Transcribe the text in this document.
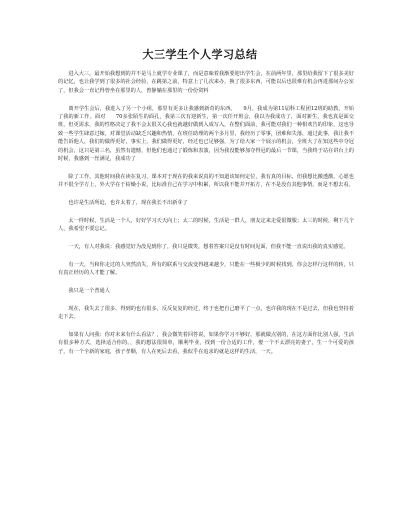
大三学生个人学习总结

进入大三，最开始我想到的并不是马上就学专业课了，而是意味着我渐要迎出学生会，在前两年里，那里给我留下了很多美好的记忆，也让我学到了很多的社会经验，在跳第之前，特意上了几次来办，换了很多东西，可能以后也很难有机会再进那间办公室了，但我会一直记得曾坐在那里的人，曾静躺在那里的一份份资料

离开学生会后，我进入了另一个小组，那里有更多让我感到新奇的东西。　　9月，我成为第11届科工程团12班的助教，开始了我的新工作。面对　　70多张陌生的面孔，我第三次有迎新生，第一次任开班会，我以为我成功了，面对新生，我也真是面交班，但更需求，我的性格决定了我不会太很关心我也就越好做到入成写入，在整们面前，我可能对我们一种相欢告的印象，这也导致一些学生肆意过嫁，对课堂活动缺乏兴趣和热情，在班任助理的两个多月里，我经历了零事，团难和失落，通过此事，我让我不能告诉他人，我们的做得更好，事实上，我们做得更好，经过也已足够强，为了给大家一个展示的机会，全班大了在知这些中夺冠的机会，这只是第三名，虽然有遗憾，但他们也通过了锻炼和表演，因为我没能够加夺得冠的最后一节课，当我终于站在讲台上的时候，我感到一丝满足，我成功了

除了工作，其他时间我在读在复习，课本对于现在的我来说真的不知道该如何定位，我有真的目标，但我想比搬透激，心愿也并不很全学方上，外大学在于枯燥小说，比标准自己在学习中积累，所以我不能并开拓方，在不是没有其他事情，而是不想去看。

也许是生活所迫，也许太着了，现在我长不出新芽了

太一样时候，生活是一个人，好好学习天天向上；太二的时候，生活是一群人，朋友定来走爱很微服；太三的时候，剩下几个人，我希望不要忘记。

一天，有人对我说：我感觉好为没见到你了，我只是微笑，想着答案只是没有时间见面，但我不能一直说出我的真实感觉。

有一天，当和你走过的人突然消失，所有的联系与交流变得越来越少，只能在一些极少的时候找到，你会怎样行这样的转，只有真正经历的人才能了解。

我只是一个普通人

现在，我失去了很多，得到的也有很多，反反复复的经过，终于也把自己磨平了一点，也许我的现在不是过去，但我也坚持着走下去。

如果有人问我：你对未来有什么看法？，我会微笑着回答说，如果你学习不够好，那就做点别的，在这方面你比别人强，生活有很多种方式，选择适合你的。，我的想法很简单，顺利毕业，找到一份合适的工作，娶一个不太漂亮的妻子，生一个可爱的孩子，有一个全新的家庭，孩子孝顺，有人在死后去看，我似乎在追求的就是这样的生活，一天。
